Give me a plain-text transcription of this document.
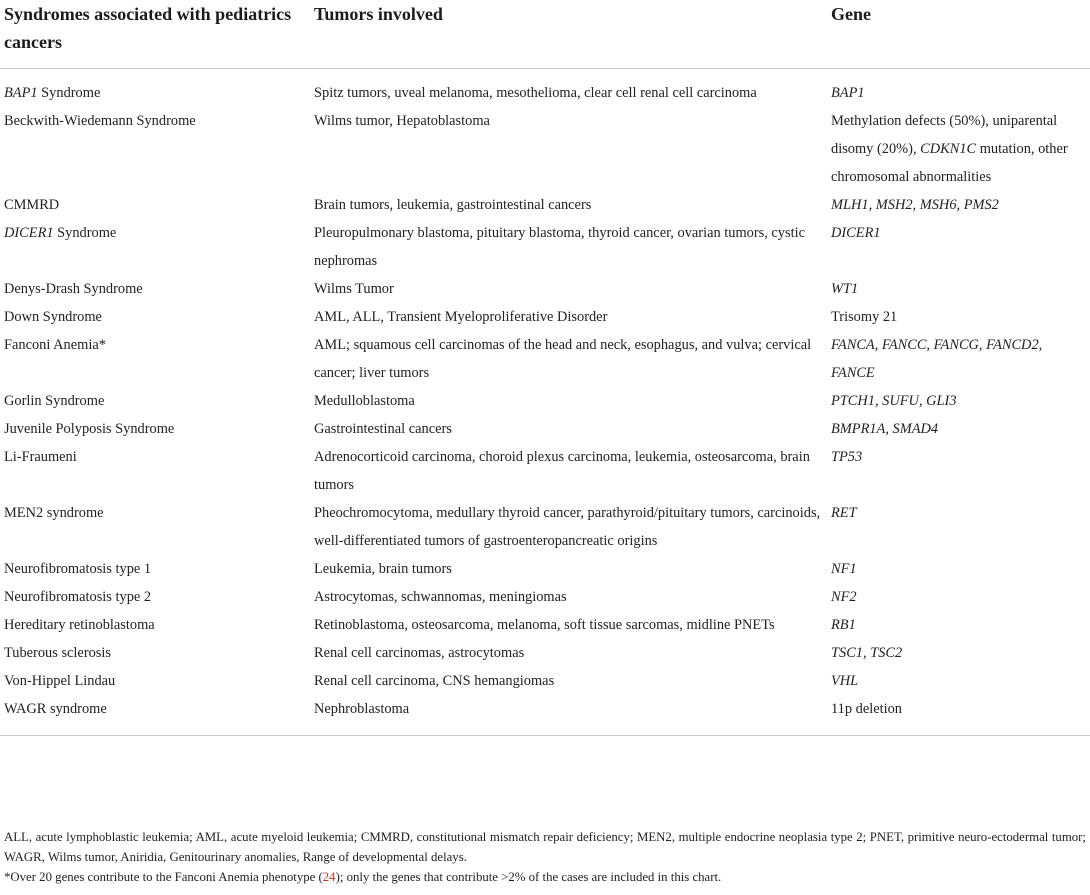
Syndromes associated with pediatrics cancers	Tumors involved	Gene
BAP1 Syndrome	Spitz tumors, uveal melanoma, mesothelioma, clear cell renal cell carcinoma	BAP1
Beckwith-Wiedemann Syndrome	Wilms tumor, Hepatoblastoma	Methylation defects (50%), uniparental disomy (20%), CDKN1C mutation, other chromosomal abnormalities
CMMRD	Brain tumors, leukemia, gastrointestinal cancers	MLH1, MSH2, MSH6, PMS2
DICER1 Syndrome	Pleuropulmonary blastoma, pituitary blastoma, thyroid cancer, ovarian tumors, cystic nephromas	DICER1
Denys-Drash Syndrome	Wilms Tumor	WT1
Down Syndrome	AML, ALL, Transient Myeloproliferative Disorder	Trisomy 21
Fanconi Anemia*	AML; squamous cell carcinomas of the head and neck, esophagus, and vulva; cervical cancer; liver tumors	FANCA, FANCC, FANCG, FANCD2, FANCE
Gorlin Syndrome	Medulloblastoma	PTCH1, SUFU, GLI3
Juvenile Polyposis Syndrome	Gastrointestinal cancers	BMPR1A, SMAD4
Li-Fraumeni	Adrenocorticoid carcinoma, choroid plexus carcinoma, leukemia, osteosarcoma, brain tumors	TP53
MEN2 syndrome	Pheochromocytoma, medullary thyroid cancer, parathyroid/pituitary tumors, carcinoids, well-differentiated tumors of gastroenteropancreatic origins	RET
Neurofibromatosis type 1	Leukemia, brain tumors	NF1
Neurofibromatosis type 2	Astrocytomas, schwannomas, meningiomas	NF2
Hereditary retinoblastoma	Retinoblastoma, osteosarcoma, melanoma, soft tissue sarcomas, midline PNETs	RB1
Tuberous sclerosis	Renal cell carcinomas, astrocytomas	TSC1, TSC2
Von-Hippel Lindau	Renal cell carcinoma, CNS hemangiomas	VHL
WAGR syndrome	Nephroblastoma	11p deletion

ALL, acute lymphoblastic leukemia; AML, acute myeloid leukemia; CMMRD, constitutional mismatch repair deficiency; MEN2, multiple endocrine neoplasia type 2; PNET, primitive neuro-ectodermal tumor; WAGR, Wilms tumor, Aniridia, Genitourinary anomalies, Range of developmental delays.

*Over 20 genes contribute to the Fanconi Anemia phenotype (24); only the genes that contribute >2% of the cases are included in this chart.
